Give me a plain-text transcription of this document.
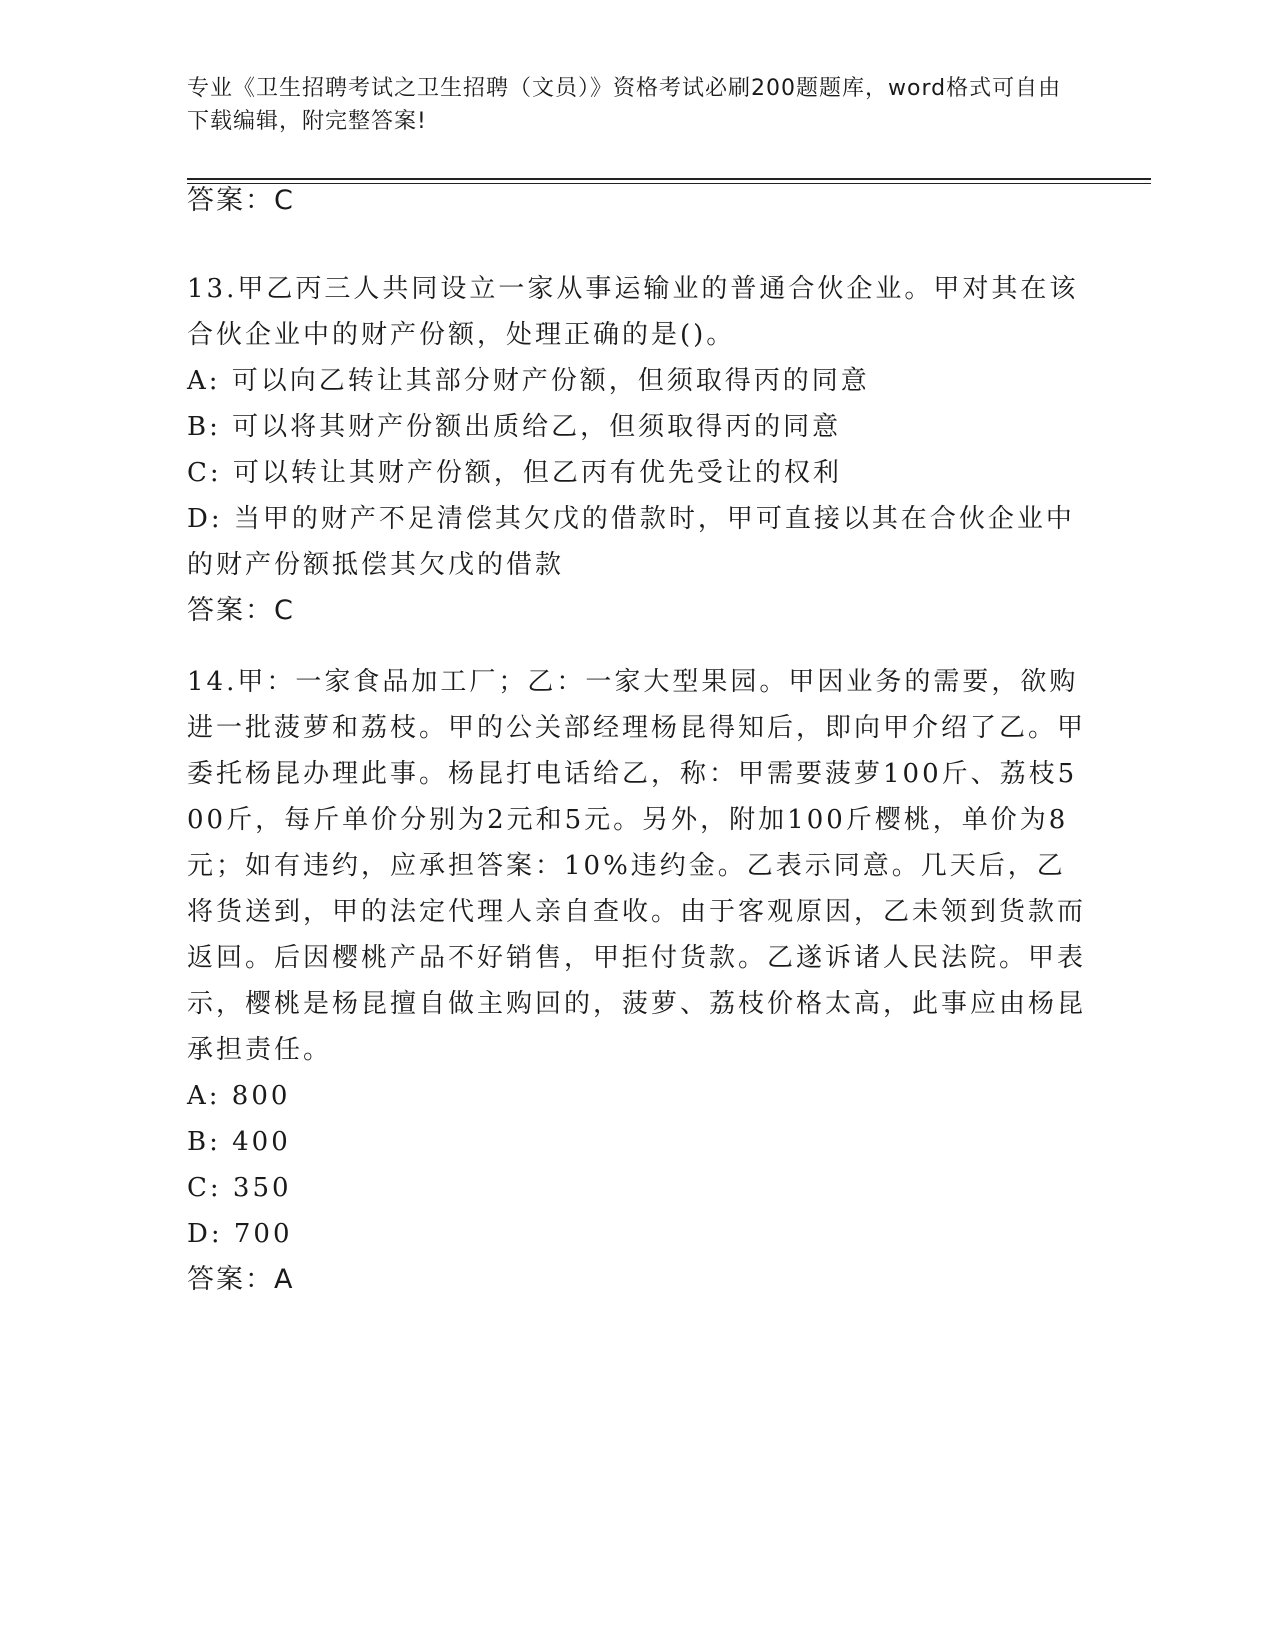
专业《卫生招聘考试之卫生招聘（文员）》资格考试必刷200题题库，word格式可自由下载编辑，附完整答案!
答案：C
13.甲乙丙三人共同设立一家从事运输业的普通合伙企业。甲对其在该合伙企业中的财产份额，处理正确的是()。
A: 可以向乙转让其部分财产份额，但须取得丙的同意
B: 可以将其财产份额出质给乙，但须取得丙的同意
C: 可以转让其财产份额，但乙丙有优先受让的权利
D: 当甲的财产不足清偿其欠戊的借款时，甲可直接以其在合伙企业中的财产份额抵偿其欠戊的借款
答案：C
14.甲：一家食品加工厂；乙：一家大型果园。甲因业务的需要，欲购进一批菠萝和荔枝。甲的公关部经理杨昆得知后，即向甲介绍了乙。甲委托杨昆办理此事。杨昆打电话给乙，称：甲需要菠萝100斤、荔枝500斤，每斤单价分别为2元和5元。另外，附加100斤樱桃，单价为8元；如有违约，应承担答案：10%违约金。乙表示同意。几天后，乙将货送到，甲的法定代理人亲自查收。由于客观原因，乙未领到货款而返回。后因樱桃产品不好销售，甲拒付货款。乙遂诉诸人民法院。甲表示，樱桃是杨昆擅自做主购回的，菠萝、荔枝价格太高，此事应由杨昆承担责任。
A: 800
B: 400
C: 350
D: 700
答案：A
